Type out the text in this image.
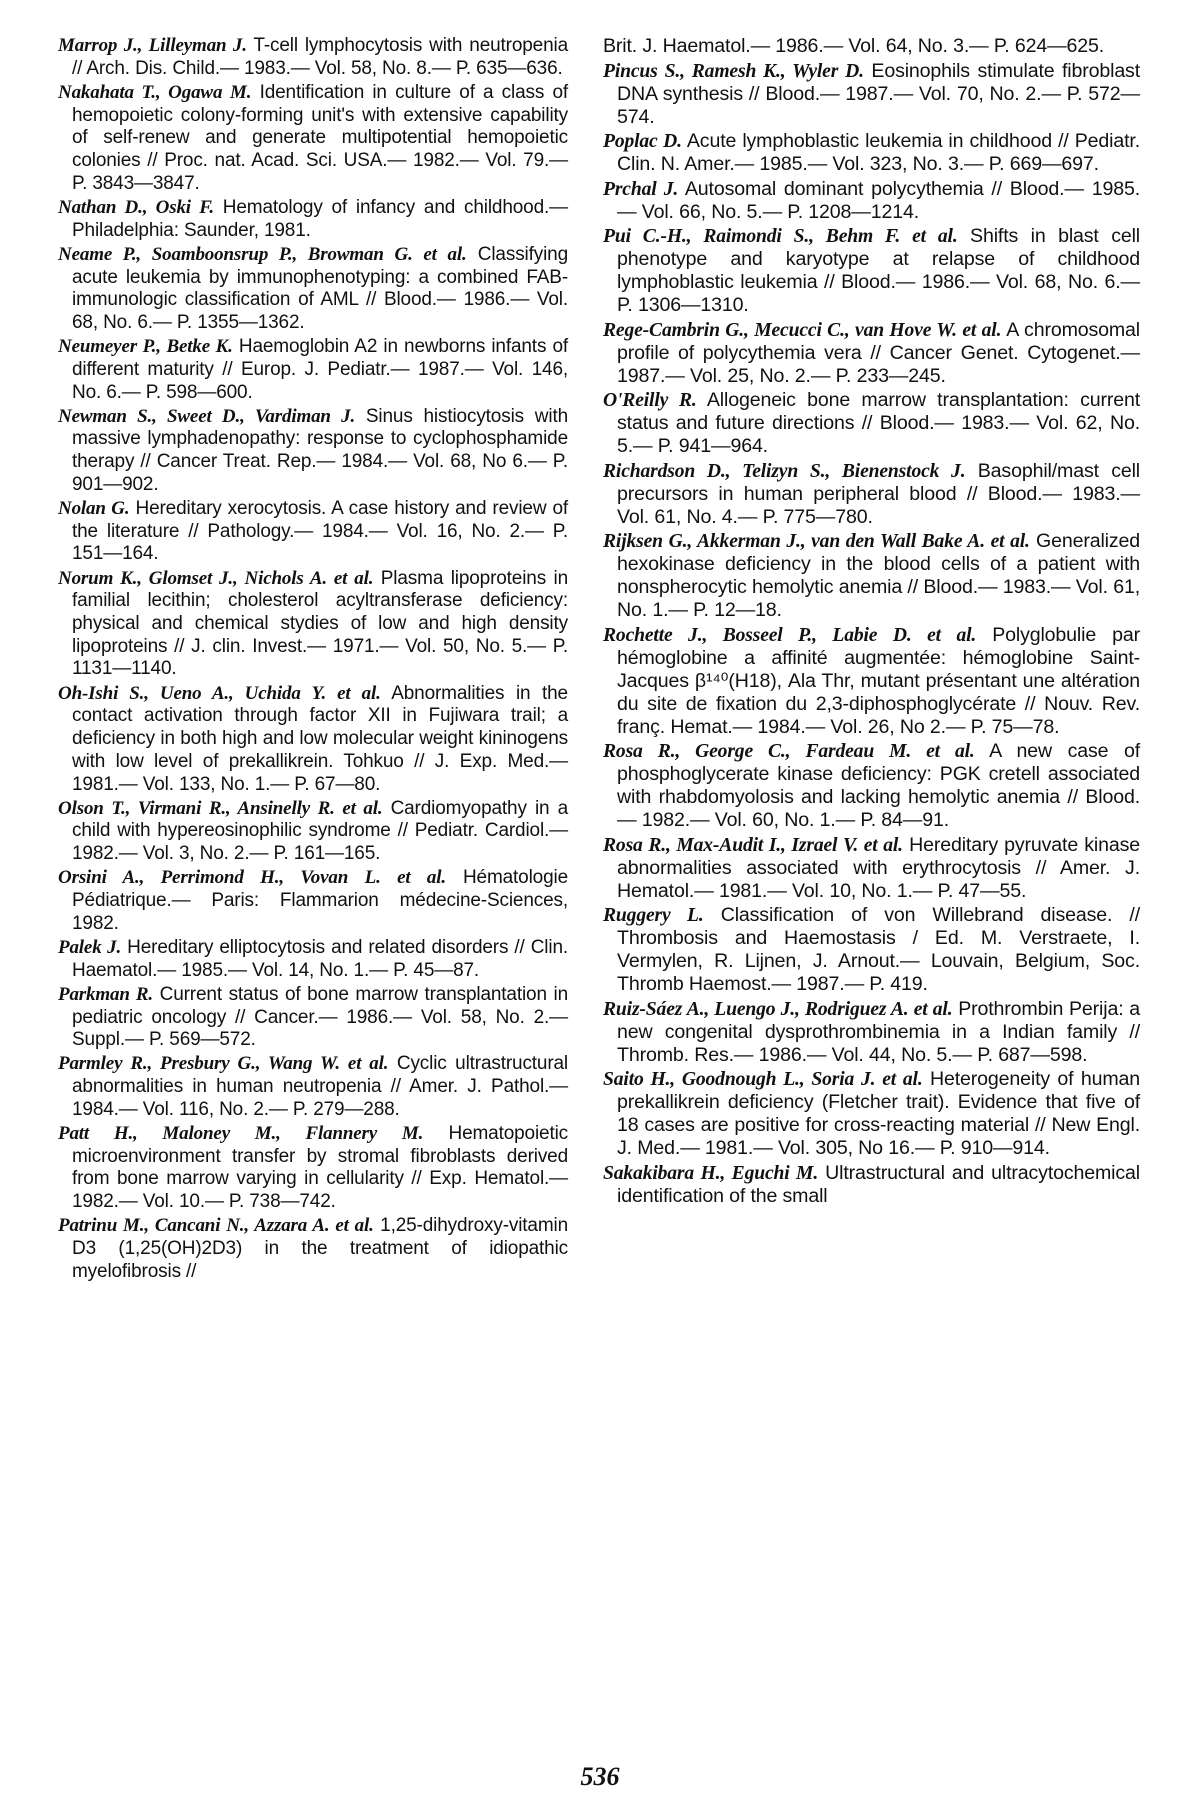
Marrop J., Lilleyman J. T-cell lymphocytosis with neutropenia // Arch. Dis. Child.— 1983.— Vol. 58, No. 8.— P. 635—636.

Nakahata T., Ogawa M. Identification in culture of a class of hemopoietic colony-forming unit's with extensive capability of self-renew and generate multipotential hemopoietic colonies // Proc. nat. Acad. Sci. USA.— 1982.— Vol. 79.— P. 3843—3847.

Nathan D., Oski F. Hematology of infancy and childhood.— Philadelphia: Saunder, 1981.

Neame P., Soamboonsrup P., Browman G. et al. Classifying acute leukemia by immunophenotyping: a combined FAB-immunologic classification of AML // Blood.— 1986.— Vol. 68, No. 6.— P. 1355—1362.

Neumeyer P., Betke K. Haemoglobin A2 in newborns infants of different maturity // Europ. J. Pediatr.— 1987.— Vol. 146, No. 6.— P. 598—600.

Newman S., Sweet D., Vardiman J. Sinus histiocytosis with massive lymphadenopathy: response to cyclophosphamide therapy // Cancer Treat. Rep.— 1984.— Vol. 68, No 6.— P. 901—902.

Nolan G. Hereditary xerocytosis. A case history and review of the literature // Pathology.— 1984.— Vol. 16, No. 2.— P. 151—164.

Norum K., Glomset J., Nichols A. et al. Plasma lipoproteins in familial lecithin; cholesterol acyltransferase deficiency: physical and chemical stydies of low and high density lipoproteins // J. clin. Invest.— 1971.— Vol. 50, No. 5.— P. 1131—1140.

Oh-Ishi S., Ueno A., Uchida Y. et al. Abnormalities in the contact activation through factor XII in Fujiwara trail; a deficiency in both high and low molecular weight kininogens with low level of prekallikrein. Tohkuo // J. Exp. Med.— 1981.— Vol. 133, No. 1.— P. 67—80.

Olson T., Virmani R., Ansinelly R. et al. Cardiomyopathy in a child with hypereosinophilic syndrome // Pediatr. Cardiol.— 1982.— Vol. 3, No. 2.— P. 161—165.

Orsini A., Perrimond H., Vovan L. et al. Hématologie Pédiatrique.— Paris: Flammarion médecine-Sciences, 1982.

Palek J. Hereditary elliptocytosis and related disorders // Clin. Haematol.— 1985.— Vol. 14, No. 1.— P. 45—87.

Parkman R. Current status of bone marrow transplantation in pediatric oncology // Cancer.— 1986.— Vol. 58, No. 2.— Suppl.— P. 569—572.

Parmley R., Presbury G., Wang W. et al. Cyclic ultrastructural abnormalities in human neutropenia // Amer. J. Pathol.— 1984.— Vol. 116, No. 2.— P. 279—288.

Patt H., Maloney M., Flannery M. Hematopoietic microenvironment transfer by stromal fibroblasts derived from bone marrow varying in cellularity // Exp. Hematol.— 1982.— Vol. 10.— P. 738—742.

Patrinu M., Cancani N., Azzara A. et al. 1,25-dihydroxy-vitamin D3 (1,25(OH)2D3) in the treatment of idiopathic myelofibrosis //

Brit. J. Haematol.— 1986.— Vol. 64, No. 3.— P. 624—625.

Pincus S., Ramesh K., Wyler D. Eosinophils stimulate fibroblast DNA synthesis // Blood.— 1987.— Vol. 70, No. 2.— P. 572—574.

Poplac D. Acute lymphoblastic leukemia in childhood // Pediatr. Clin. N. Amer.— 1985.— Vol. 323, No. 3.— P. 669—697.

Prchal J. Autosomal dominant polycythemia // Blood.— 1985.— Vol. 66, No. 5.— P. 1208—1214.

Pui C.-H., Raimondi S., Behm F. et al. Shifts in blast cell phenotype and karyotype at relapse of childhood lymphoblastic leukemia // Blood.— 1986.— Vol. 68, No. 6.— P. 1306—1310.

Rege-Cambrin G., Mecucci C., van Hove W. et al. A chromosomal profile of polycythemia vera // Cancer Genet. Cytogenet.— 1987.— Vol. 25, No. 2.— P. 233—245.

O'Reilly R. Allogeneic bone marrow transplantation: current status and future directions // Blood.— 1983.— Vol. 62, No. 5.— P. 941—964.

Richardson D., Telizyn S., Bienenstock J. Basophil/mast cell precursors in human peripheral blood // Blood.— 1983.— Vol. 61, No. 4.— P. 775—780.

Rijksen G., Akkerman J., van den Wall Bake A. et al. Generalized hexokinase deficiency in the blood cells of a patient with nonspherocytic hemolytic anemia // Blood.— 1983.— Vol. 61, No. 1.— P. 12—18.

Rochette J., Bosseel P., Labie D. et al. Polyglobulie par hémoglobine a affinité augmentée: hémoglobine Saint-Jacques β¹⁴⁰(H18), Ala Thr, mutant présentant une altération du site de fixation du 2,3-diphosphoglycérate // Nouv. Rev. franç. Hemat.— 1984.— Vol. 26, No 2.— P. 75—78.

Rosa R., George C., Fardeau M. et al. A new case of phosphoglycerate kinase deficiency: PGK cretell associated with rhabdomyolosis and lacking hemolytic anemia // Blood.— 1982.— Vol. 60, No. 1.— P. 84—91.

Rosa R., Max-Audit I., Izrael V. et al. Hereditary pyruvate kinase abnormalities associated with erythrocytosis // Amer. J. Hematol.— 1981.— Vol. 10, No. 1.— P. 47—55.

Ruggery L. Classification of von Willebrand disease. // Thrombosis and Haemostasis / Ed. M. Verstraete, I. Vermylen, R. Lijnen, J. Arnout.— Louvain, Belgium, Soc. Thromb Haemost.— 1987.— P. 419.

Ruiz-Sáez A., Luengo J., Rodriguez A. et al. Prothrombin Perija: a new congenital dysprothrombinemia in a Indian family // Thromb. Res.— 1986.— Vol. 44, No. 5.— P. 687—598.

Saito H., Goodnough L., Soria J. et al. Heterogeneity of human prekallikrein deficiency (Fletcher trait). Evidence that five of 18 cases are positive for cross-reacting material // New Engl. J. Med.— 1981.— Vol. 305, No 16.— P. 910—914.

Sakakibara H., Eguchi M. Ultrastructural and ultracytochemical identification of the small

536
